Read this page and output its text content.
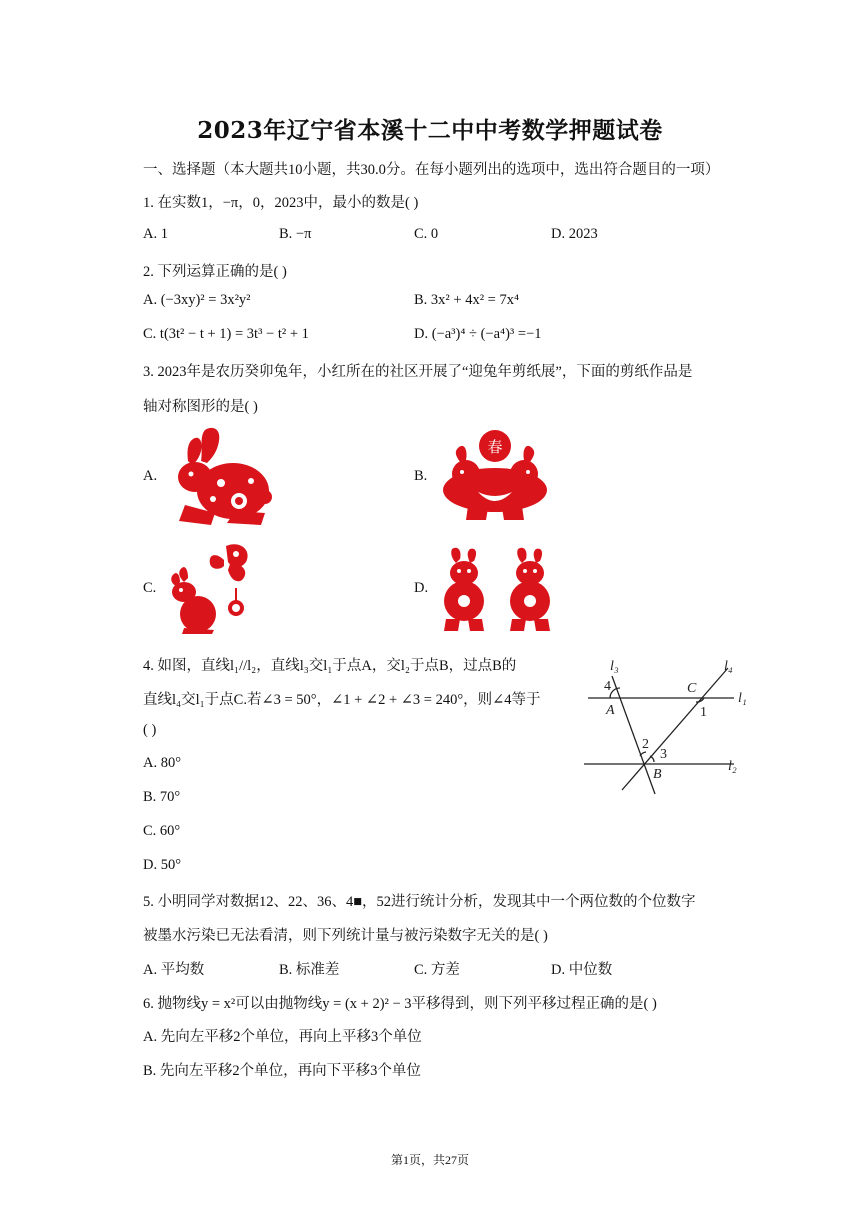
2023年辽宁省本溪十二中中考数学押题试卷
一、选择题（本大题共10小题，共30.0分。在每小题列出的选项中，选出符合题目的一项）
1. 在实数1，−π，0，2023中，最小的数是( )
A. 1	B. −π	C. 0	D. 2023
2. 下列运算正确的是( )
A. (−3xy)² = 3x²y²	B. 3x² + 4x² = 7x⁴
C. t(3t² − t + 1) = 3t³ − t² + 1	D. (−a³)⁴ ÷ (−a⁴)³ =−1
3. 2023年是农历癸卯兔年，小红所在的社区开展了“迎兔年剪纸展”，下面的剪纸作品是
轴对称图形的是( )
A.	B.
春
C.	D.
4. 如图，直线l₁//l₂，直线l₃交l₁于点A，交l₂于点B，过点B的
直线l₄交l₁于点C.若∠3 = 50°，∠1 + ∠2 + ∠3 = 240°，则∠4等于
( )
A. 80°
B. 70°
C. 60°
D. 50°
l₃	l₄
l₁
l₂
A
B
C
1
2
3
4
5. 小明同学对数据12、22、36、4■，52进行统计分析，发现其中一个两位数的个位数字
被墨水污染已无法看清，则下列统计量与被污染数字无关的是( )
A. 平均数	B. 标准差	C. 方差	D. 中位数
6. 抛物线y = x²可以由抛物线y = (x + 2)² − 3平移得到，则下列平移过程正确的是( )
A. 先向左平移2个单位，再向上平移3个单位
B. 先向左平移2个单位，再向下平移3个单位
第1页，共27页
